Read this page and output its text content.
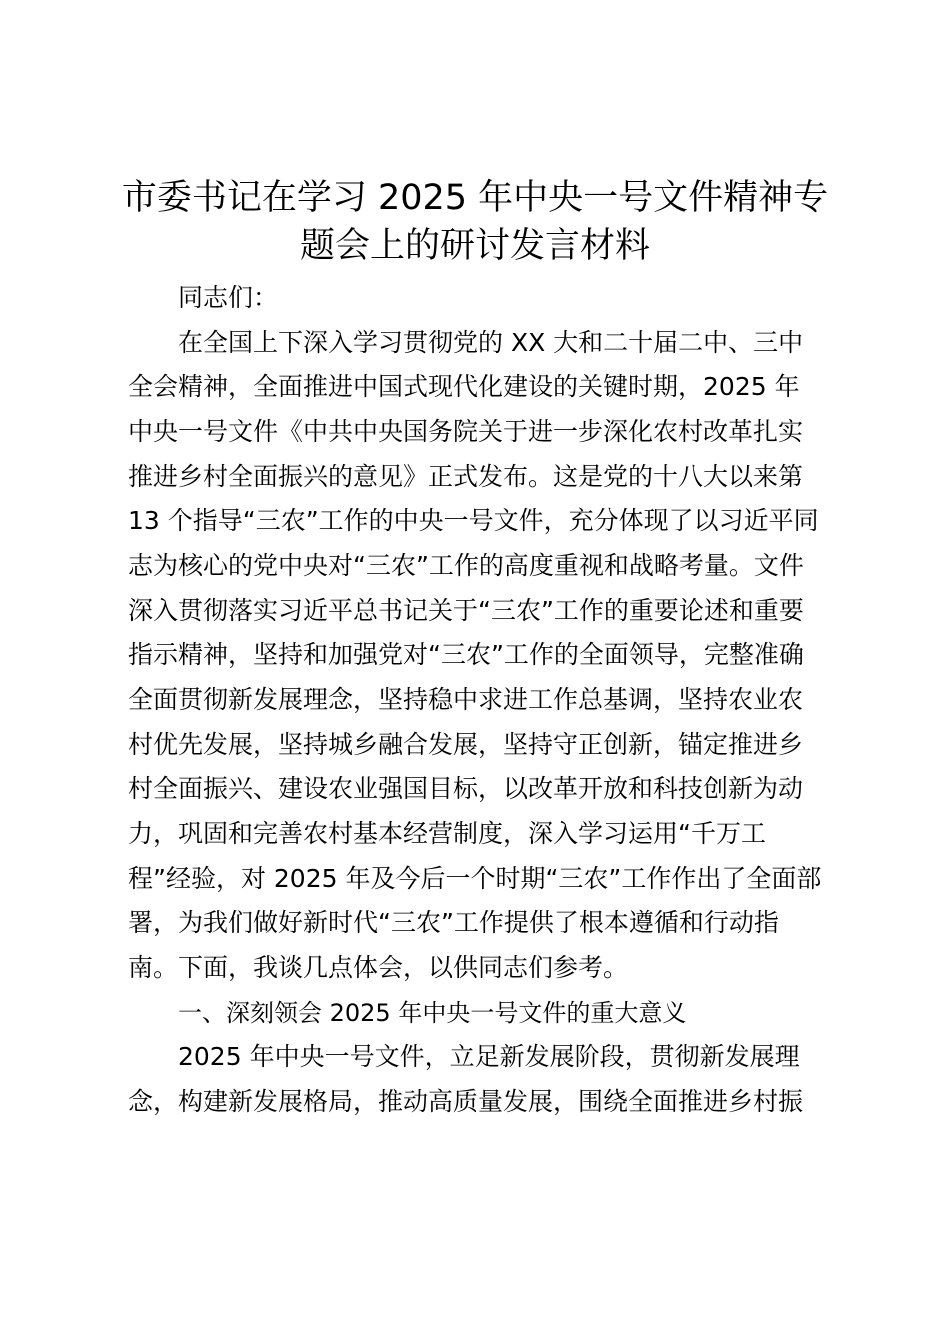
市委书记在学习 2025 年中央一号文件精神专
题会上的研讨发言材料
同志们：
在全国上下深入学习贯彻党的 XX 大和二十届二中、三中
全会精神，全面推进中国式现代化建设的关键时期，2025 年
中央一号文件《中共中央国务院关于进一步深化农村改革扎实
推进乡村全面振兴的意见》正式发布。这是党的十八大以来第
13 个指导“三农”工作的中央一号文件，充分体现了以习近平同
志为核心的党中央对“三农”工作的高度重视和战略考量。文件
深入贯彻落实习近平总书记关于“三农”工作的重要论述和重要
指示精神，坚持和加强党对“三农”工作的全面领导，完整准确
全面贯彻新发展理念，坚持稳中求进工作总基调，坚持农业农
村优先发展，坚持城乡融合发展，坚持守正创新，锚定推进乡
村全面振兴、建设农业强国目标，以改革开放和科技创新为动
力，巩固和完善农村基本经营制度，深入学习运用“千万工
程”经验，对 2025 年及今后一个时期“三农”工作作出了全面部
署，为我们做好新时代“三农”工作提供了根本遵循和行动指
南。下面，我谈几点体会，以供同志们参考。
一、深刻领会 2025 年中央一号文件的重大意义
2025 年中央一号文件，立足新发展阶段，贯彻新发展理
念，构建新发展格局，推动高质量发展，围绕全面推进乡村振
